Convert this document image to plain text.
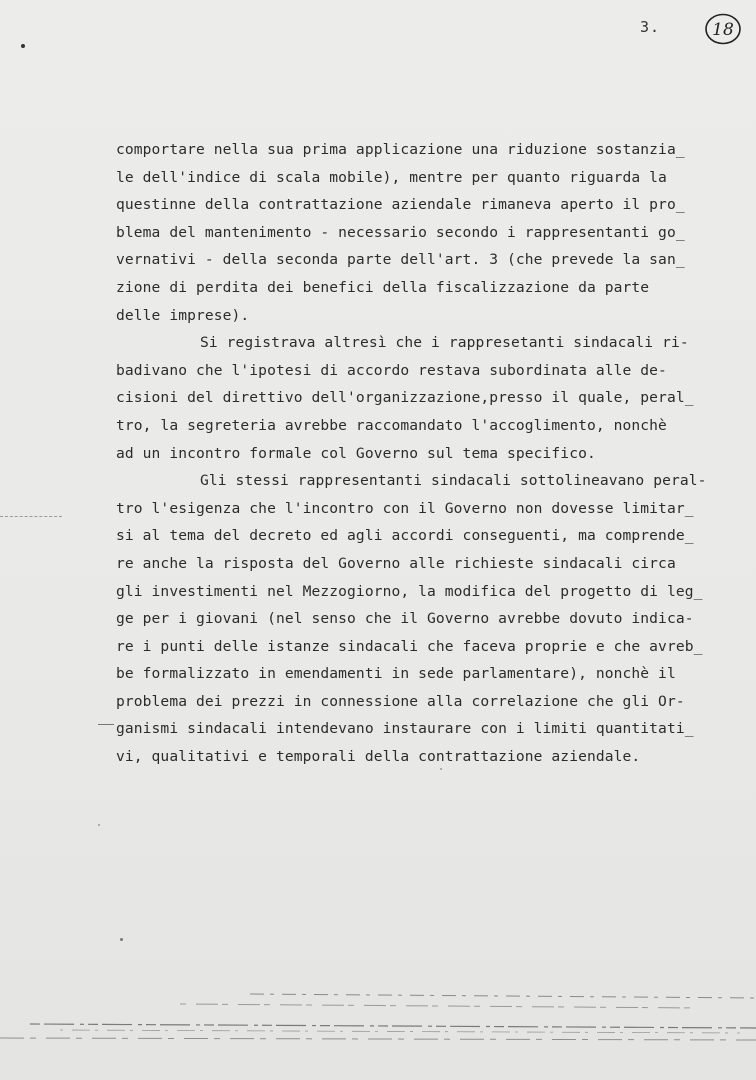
3.	18

comportare nella sua prima applicazione una riduzione sostanzia_
le dell'indice di scala mobile), mentre per quanto riguarda la
questinne della contrattazione aziendale rimaneva aperto il pro_
blema del mantenimento - necessario secondo i rappresentanti go_
vernativi - della seconda parte dell'art. 3 (che prevede la san_
zione di perdita dei benefici della fiscalizzazione da parte
delle imprese).

Si registrava altresì che i rappresetanti sindacali ri-
badivano che l'ipotesi di accordo restava subordinata alle de-
cisioni del direttivo dell'organizzazione,presso il quale, peral_
tro, la segreteria avrebbe raccomandato l'accoglimento, nonchè
ad un incontro formale col Governo sul tema specifico.

Gli stessi rappresentanti sindacali sottolineavano peral-
tro l'esigenza che l'incontro con il Governo non dovesse limitar_
si al tema del decreto ed agli accordi conseguenti, ma comprende_
re anche la risposta del Governo alle richieste sindacali circa
gli investimenti nel Mezzogiorno, la modifica del progetto di leg_
ge per i giovani (nel senso che il Governo avrebbe dovuto indica-
re i punti delle istanze sindacali che faceva proprie e che avreb_
be formalizzato in emendamenti in sede parlamentare), nonchè il
problema dei prezzi in connessione alla correlazione che gli Or-
ganismi sindacali intendevano instaurare con i limiti quantitati_
vi, qualitativi e temporali della contrattazione aziendale.
